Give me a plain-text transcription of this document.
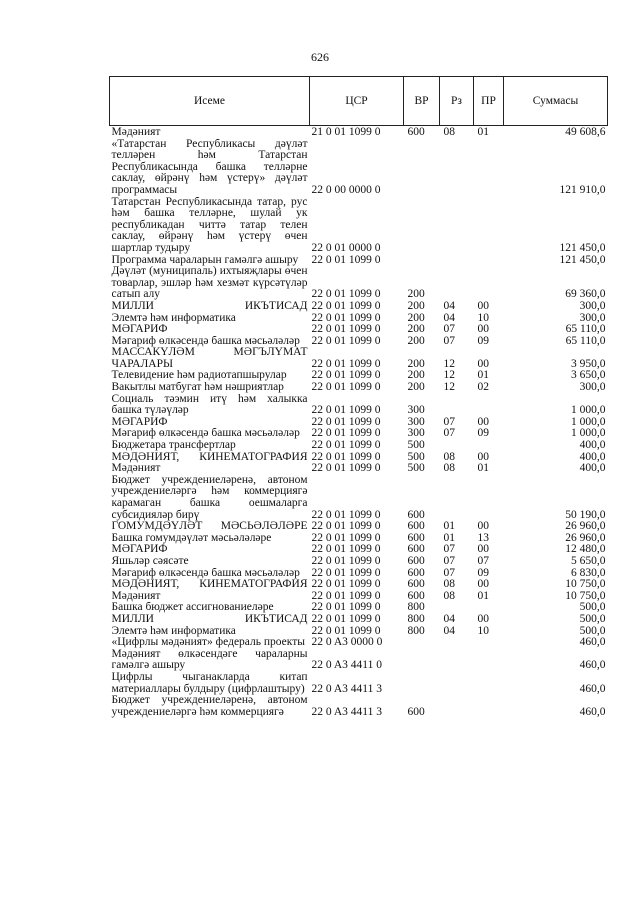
626
Исеме	ЦСР	ВР	Рз	ПР	Суммасы
Мәдәният	21 0 01 1099 0	600	08	01	49 608,6
«Татарстан Республикасы дәүләт телләрен һәм Татарстан Республикасында башка телләрне саклау, өйрәнү һәм үстерү» дәүләт программасы	22 0 00 0000 0				121 910,0
Татарстан Республикасында татар, рус һәм башка телләрне, шулай ук республикадан читтә татар телен саклау, өйрәнү һәм үстерү өчен шартлар тудыру	22 0 01 0000 0				121 450,0
Программа чараларын гамәлгә ашыру	22 0 01 1099 0				121 450,0
Дәүләт (муниципаль) ихтыяҗлары өчен товарлар, эшләр һәм хезмәт күрсәтүләр сатып алу	22 0 01 1099 0	200			69 360,0
МИЛЛИ ИКЪТИСАД	22 0 01 1099 0	200	04	00	300,0
Элемтә һәм информатика	22 0 01 1099 0	200	04	10	300,0
МӘГАРИФ	22 0 01 1099 0	200	07	00	65 110,0
Мәгариф өлкәсендә башка мәсьәләләр	22 0 01 1099 0	200	07	09	65 110,0
МАССАКҮЛӘМ МӘГЪЛҮМАТ ЧАРАЛАРЫ	22 0 01 1099 0	200	12	00	3 950,0
Телевидение һәм радиотапшырулар	22 0 01 1099 0	200	12	01	3 650,0
Вакытлы матбугат һәм нәшриятлар	22 0 01 1099 0	200	12	02	300,0
Социаль тәэмин итү һәм халыкка башка түләүләр	22 0 01 1099 0	300			1 000,0
МӘГАРИФ	22 0 01 1099 0	300	07	00	1 000,0
Мәгариф өлкәсендә башка мәсьәләләр	22 0 01 1099 0	300	07	09	1 000,0
Бюджетара трансфертлар	22 0 01 1099 0	500			400,0
МӘДӘНИЯТ, КИНЕМАТОГРАФИЯ	22 0 01 1099 0	500	08	00	400,0
Мәдәният	22 0 01 1099 0	500	08	01	400,0
Бюджет учреждениеләренә, автоном учреждениеләргә һәм коммерциягә карамаган башка оешмаларга субсидияләр бирү	22 0 01 1099 0	600			50 190,0
ГОМУМДӘҮЛӘТ МӘСЬӘЛӘЛӘРЕ	22 0 01 1099 0	600	01	00	26 960,0
Башка гомумдәүләт мәсьәләләре	22 0 01 1099 0	600	01	13	26 960,0
МӘГАРИФ	22 0 01 1099 0	600	07	00	12 480,0
Яшьләр сәясәте	22 0 01 1099 0	600	07	07	5 650,0
Мәгариф өлкәсендә башка мәсьәләләр	22 0 01 1099 0	600	07	09	6 830,0
МӘДӘНИЯТ, КИНЕМАТОГРАФИЯ	22 0 01 1099 0	600	08	00	10 750,0
Мәдәният	22 0 01 1099 0	600	08	01	10 750,0
Башка бюджет ассигнованиеләре	22 0 01 1099 0	800			500,0
МИЛЛИ ИКЪТИСАД	22 0 01 1099 0	800	04	00	500,0
Элемтә һәм информатика	22 0 01 1099 0	800	04	10	500,0
«Цифрлы мәдәният» федераль проекты	22 0 A3 0000 0				460,0
Мәдәният өлкәсендәге чараларны гамәлгә ашыру	22 0 A3 4411 0				460,0
Цифрлы чыганакларда китап материаллары булдыру (цифрлаштыру)	22 0 A3 4411 3				460,0
Бюджет учреждениеләренә, автоном учреждениеләргә һәм коммерциягә	22 0 A3 4411 3	600			460,0
